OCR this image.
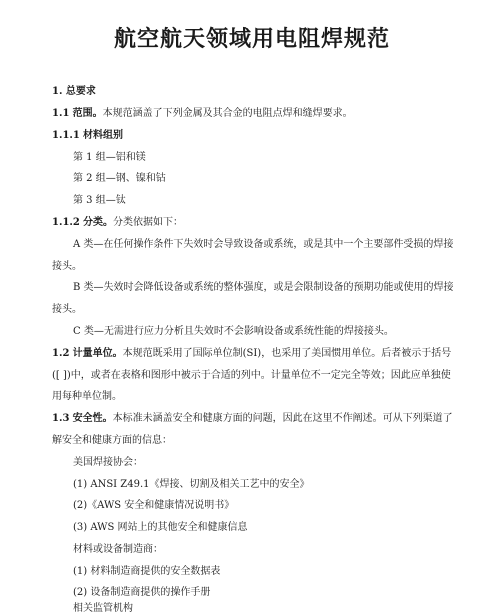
航空航天领域用电阻焊规范
1. 总要求
1.1 范围。本规范涵盖了下列金属及其合金的电阻点焊和缝焊要求。
1.1.1 材料组别
第 1 组—铝和镁
第 2 组—钢、镍和钴
第 3 组—钛
1.1.2 分类。分类依据如下：
A 类—在任何操作条件下失效时会导致设备或系统，或是其中一个主要部件受损的焊接
接头。
B 类—失效时会降低设备或系统的整体强度，或是会限制设备的预期功能或使用的焊接
接头。
C 类—无需进行应力分析且失效时不会影响设备或系统性能的焊接接头。
1.2 计量单位。本规范既采用了国际单位制(SI)，也采用了美国惯用单位。后者被示于括号
([ ])中，或者在表格和图形中被示于合适的列中。计量单位不一定完全等效；因此应单独使
用每种单位制。
1.3 安全性。本标准未涵盖安全和健康方面的问题，因此在这里不作阐述。可从下列渠道了
解安全和健康方面的信息：
美国焊接协会：
(1) ANSI Z49.1《焊接、切割及相关工艺中的安全》
(2)《AWS 安全和健康情况说明书》
(3) AWS 网站上的其他安全和健康信息
材料或设备制造商：
(1) 材料制造商提供的安全数据表
(2) 设备制造商提供的操作手册
相关监管机构
